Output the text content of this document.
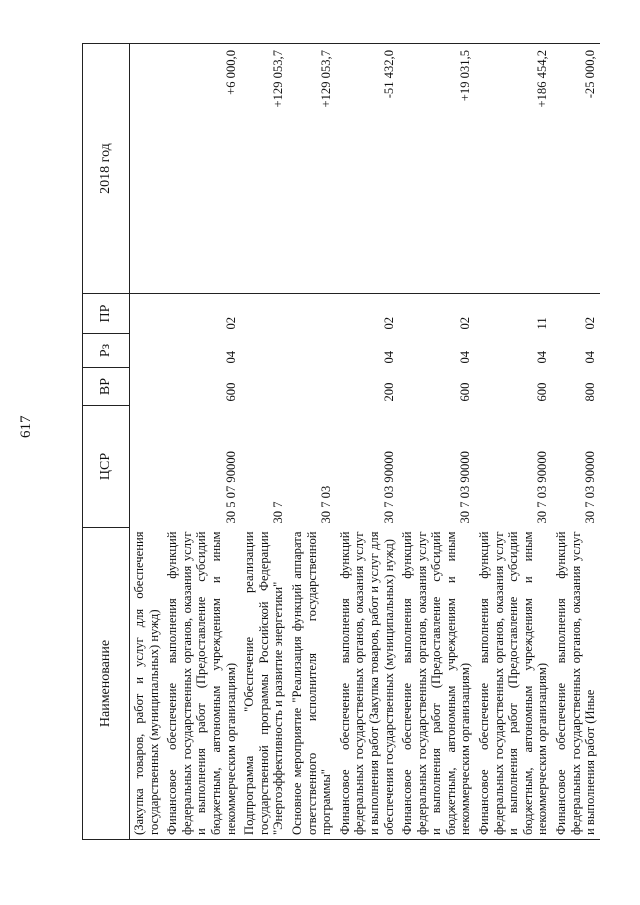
617
Наименование	ЦСР	ВР	Рз	ПР	2018 год
(Закупка товаров, работ и услуг для обеспечения государственных (муниципальных) нужд)					
Финансовое обеспечение выполнения функций федеральных государственных органов, оказания услуг и выполнения работ (Предоставление субсидий бюджетным, автономным учреждениям и иным некоммерческим организациям)	30 5 07 90000	600	04	02	+6 000,0
Подпрограмма "Обеспечение реализации государственной программы Российской Федерации "Энергоэффективность и развитие энергетики"	30 7				+129 053,7
Основное мероприятие "Реализация функций аппарата ответственного исполнителя государственной программы"	30 7 03				+129 053,7
Финансовое обеспечение выполнения функций федеральных государственных органов, оказания услуг и выполнения работ (Закупка товаров, работ и услуг для обеспечения государственных (муниципальных) нужд)	30 7 03 90000	200	04	02	-51 432,0
Финансовое обеспечение выполнения функций федеральных государственных органов, оказания услуг и выполнения работ (Предоставление субсидий бюджетным, автономным учреждениям и иным некоммерческим организациям)	30 7 03 90000	600	04	02	+19 031,5
Финансовое обеспечение выполнения функций федеральных государственных органов, оказания услуг и выполнения работ (Предоставление субсидий бюджетным, автономным учреждениям и иным некоммерческим организациям)	30 7 03 90000	600	04	11	+186 454,2
Финансовое обеспечение выполнения функций федеральных государственных органов, оказания услуг и выполнения работ (Иные	30 7 03 90000	800	04	02	-25 000,0
